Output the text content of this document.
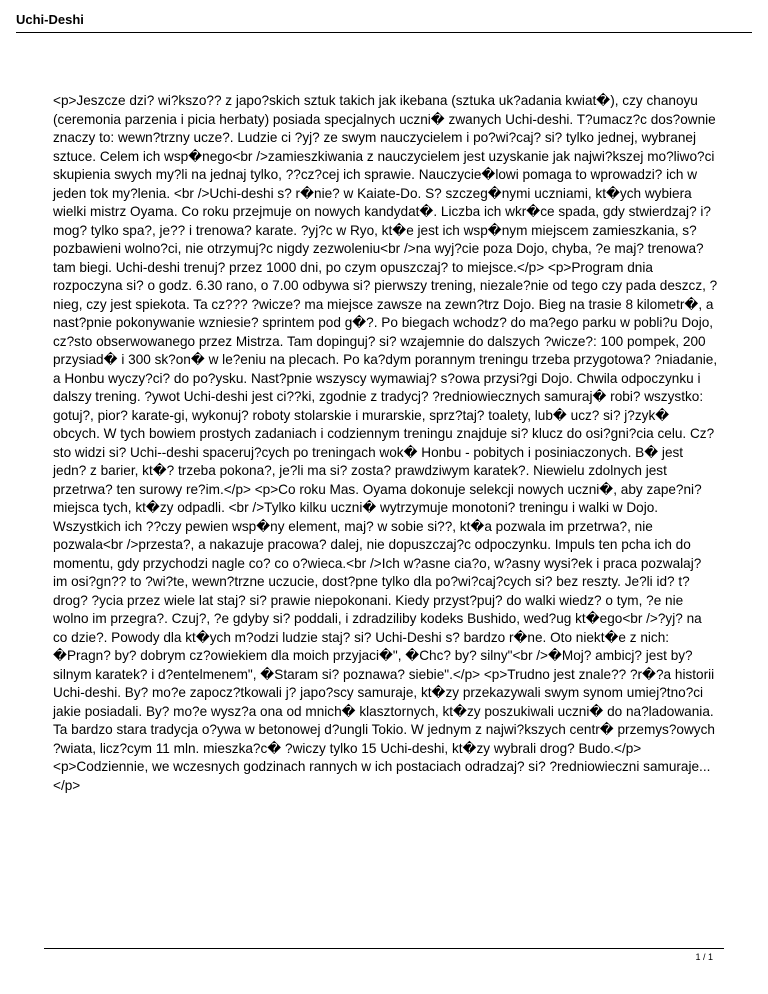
Uchi-Deshi
<p>Jeszcze dzi? wi?kszo?? z japo?skich sztuk takich jak ikebana (sztuka uk?adania kwiat�), czy chanoyu (ceremonia parzenia i picia herbaty) posiada specjalnych uczni� zwanych Uchi-deshi. T?umacz?c dos?ownie znaczy to: wewn?trzny ucze?. Ludzie ci ?yj? ze swym nauczycielem i po?wi?caj? si? tylko jednej, wybranej sztuce. Celem ich wsp�nego<br />zamieszkiwania z nauczycielem jest uzyskanie jak najwi?kszej mo?liwo?ci skupienia swych my?li na jednaj tylko, ??cz?cej ich sprawie. Nauczycie�lowi pomaga to wprowadzi? ich w jeden tok my?lenia. <br />Uchi-deshi s? r�nie? w Kaiate-Do. S? szczeg�nymi uczniami, kt�ych wybiera wielki mistrz Oyama. Co roku przejmuje on nowych kandydat�. Liczba ich wkr�ce spada, gdy stwierdzaj? i? mog? tylko spa?, je?? i trenowa? karate. ?yj?c w Ryo, kt�e jest ich wsp�nym miejscem zamieszkania, s? pozbawieni wolno?ci, nie otrzymuj?c nigdy zezwoleniu<br />na wyj?cie poza Dojo, chyba, ?e maj? trenowa? tam biegi. Uchi-deshi trenuj? przez 1000 dni, po czym opuszczaj? to miejsce.</p> <p>Program dnia rozpoczyna si? o godz. 6.30 rano, o 7.00 odbywa si? pierwszy trening, niezale?nie od tego czy pada deszcz, ?nieg, czy jest spiekota. Ta cz??? ?wicze? ma miejsce zawsze na zewn?trz Dojo. Bieg na trasie 8 kilometr�, a nast?pnie pokonywanie wzniesie? sprintem pod g�?. Po biegach wchodz? do ma?ego parku w pobli?u Dojo, cz?sto obserwowanego przez Mistrza. Tam dopinguj? si? wzajemnie do dalszych ?wicze?: 100 pompek, 200 przysiad� i 300 sk?on� w le?eniu na plecach. Po ka?dym porannym treningu trzeba przygotowa? ?niadanie, a Honbu wyczy?ci? do po?ysku. Nast?pnie wszyscy wymawiaj? s?owa przysi?gi Dojo. Chwila odpoczynku i dalszy trening. ?ywot Uchi-deshi jest ci??ki, zgodnie z tradycj? ?redniowiecznych samuraj� robi? wszystko: gotuj?, pior? karate-gi, wykonuj? roboty stolarskie i murarskie, sprz?taj? toalety, lub� ucz? si? j?zyk� obcych. W tych bowiem prostych zadaniach i codziennym treningu znajduje si? klucz do osi?gni?cia celu. Cz?sto widzi si? Uchi--deshi spaceruj?cych po treningach wok� Honbu - pobitych i posiniaczonych. B� jest jedn? z barier, kt�? trzeba pokona?, je?li ma si? zosta? prawdziwym karatek?. Niewielu zdolnych jest przetrwa? ten surowy re?im.</p> <p>Co roku Mas. Oyama dokonuje selekcji nowych uczni�, aby zape?ni? miejsca tych, kt�zy odpadli. <br />Tylko kilku uczni� wytrzymuje monotoni? treningu i walki w Dojo. Wszystkich ich ??czy pewien wsp�ny element, maj? w sobie si??, kt�a pozwala im przetrwa?, nie pozwala<br />przesta?, a nakazuje pracowa? dalej, nie dopuszczaj?c odpoczynku. Impuls ten pcha ich do momentu, gdy przychodzi nagle co? co o?wieca.<br />Ich w?asne cia?o, w?asny wysi?ek i praca pozwalaj? im osi?gn?? to ?wi?te, wewn?trzne uczucie, dost?pne tylko dla po?wi?caj?cych si? bez reszty. Je?li id? t? drog? ?ycia przez wiele lat staj? si? prawie niepokonani. Kiedy przyst?puj? do walki wiedz? o tym, ?e nie wolno im przegra?. Czuj?, ?e gdyby si? poddali, i zdradziliby kodeks Bushido, wed?ug kt�ego<br />?yj? na co dzie?. Powody dla kt�ych m?odzi ludzie staj? si? Uchi-Deshi s? bardzo r�ne. Oto niekt�e z nich: �Pragn? by? dobrym cz?owiekiem dla moich przyjaci�", �Chc? by? silny"<br />�Moj? ambicj? jest by? silnym karatek? i d?entelmenem", �Staram si? poznawa? siebie".</p> <p>Trudno jest znale?? ?r�?a historii Uchi-deshi. By? mo?e zapocz?tkowali j? japo?scy samuraje, kt�zy przekazywali swym synom umiej?tno?ci jakie posiadali. By? mo?e wysz?a ona od mnich� klasztornych, kt�zy poszukiwali uczni� do na?ladowania. Ta bardzo stara tradycja o?ywa w betonowej d?ungli Tokio. W jednym z najwi?kszych centr� przemys?owych ?wiata, licz?cym 11 mln. mieszka?c� ?wiczy tylko 15 Uchi-deshi, kt�zy wybrali drog? Budo.</p> <p>Codziennie, we wczesnych godzinach rannych w ich postaciach odradzaj? si? ?redniowieczni samuraje...</p>
1 / 1
